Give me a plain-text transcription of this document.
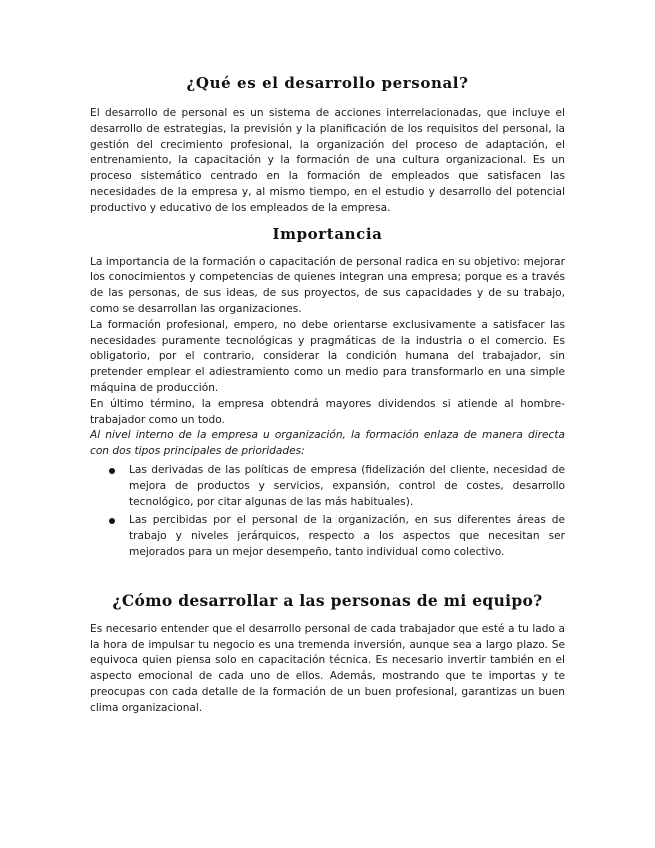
¿Qué es el desarrollo personal?

El desarrollo de personal es un sistema de acciones interrelacionadas, que incluye el desarrollo de estrategias, la previsión y la planificación de los requisitos del personal, la gestión del crecimiento profesional, la organización del proceso de adaptación, el entrenamiento, la capacitación y la formación de una cultura organizacional. Es un proceso sistemático centrado en la formación de empleados que satisfacen las necesidades de la empresa y, al mismo tiempo, en el estudio y desarrollo del potencial productivo y educativo de los empleados de la empresa.

Importancia

La importancia de la formación o capacitación de personal radica en su objetivo: mejorar los conocimientos y competencias de quienes integran una empresa; porque es a través de las personas, de sus ideas, de sus proyectos, de sus capacidades y de su trabajo, como se desarrollan las organizaciones.

La formación profesional, empero, no debe orientarse exclusivamente a satisfacer las necesidades puramente tecnológicas y pragmáticas de la industria o el comercio. Es obligatorio, por el contrario, considerar la condición humana del trabajador, sin pretender emplear el adiestramiento como un medio para transformarlo en una simple máquina de producción.

En último término, la empresa obtendrá mayores dividendos si atiende al hombre-trabajador como un todo.

Al nivel interno de la empresa u organización, la formación enlaza de manera directa con dos tipos principales de prioridades:

Las derivadas de las políticas de empresa (fidelización del cliente, necesidad de mejora de productos y servicios, expansión, control de costes, desarrollo tecnológico, por citar algunas de las más habituales).
Las percibidas por el personal de la organización, en sus diferentes áreas de trabajo y niveles jerárquicos, respecto a los aspectos que necesitan ser mejorados para un mejor desempeño, tanto individual como colectivo.
¿Cómo desarrollar a las personas de mi equipo?

Es necesario entender que el desarrollo personal de cada trabajador que esté a tu lado a la hora de impulsar tu negocio es una tremenda inversión, aunque sea a largo plazo. Se equivoca quien piensa solo en capacitación técnica. Es necesario invertir también en el aspecto emocional de cada uno de ellos. Además, mostrando que te importas y te preocupas con cada detalle de la formación de un buen profesional, garantizas un buen clima organizacional.
